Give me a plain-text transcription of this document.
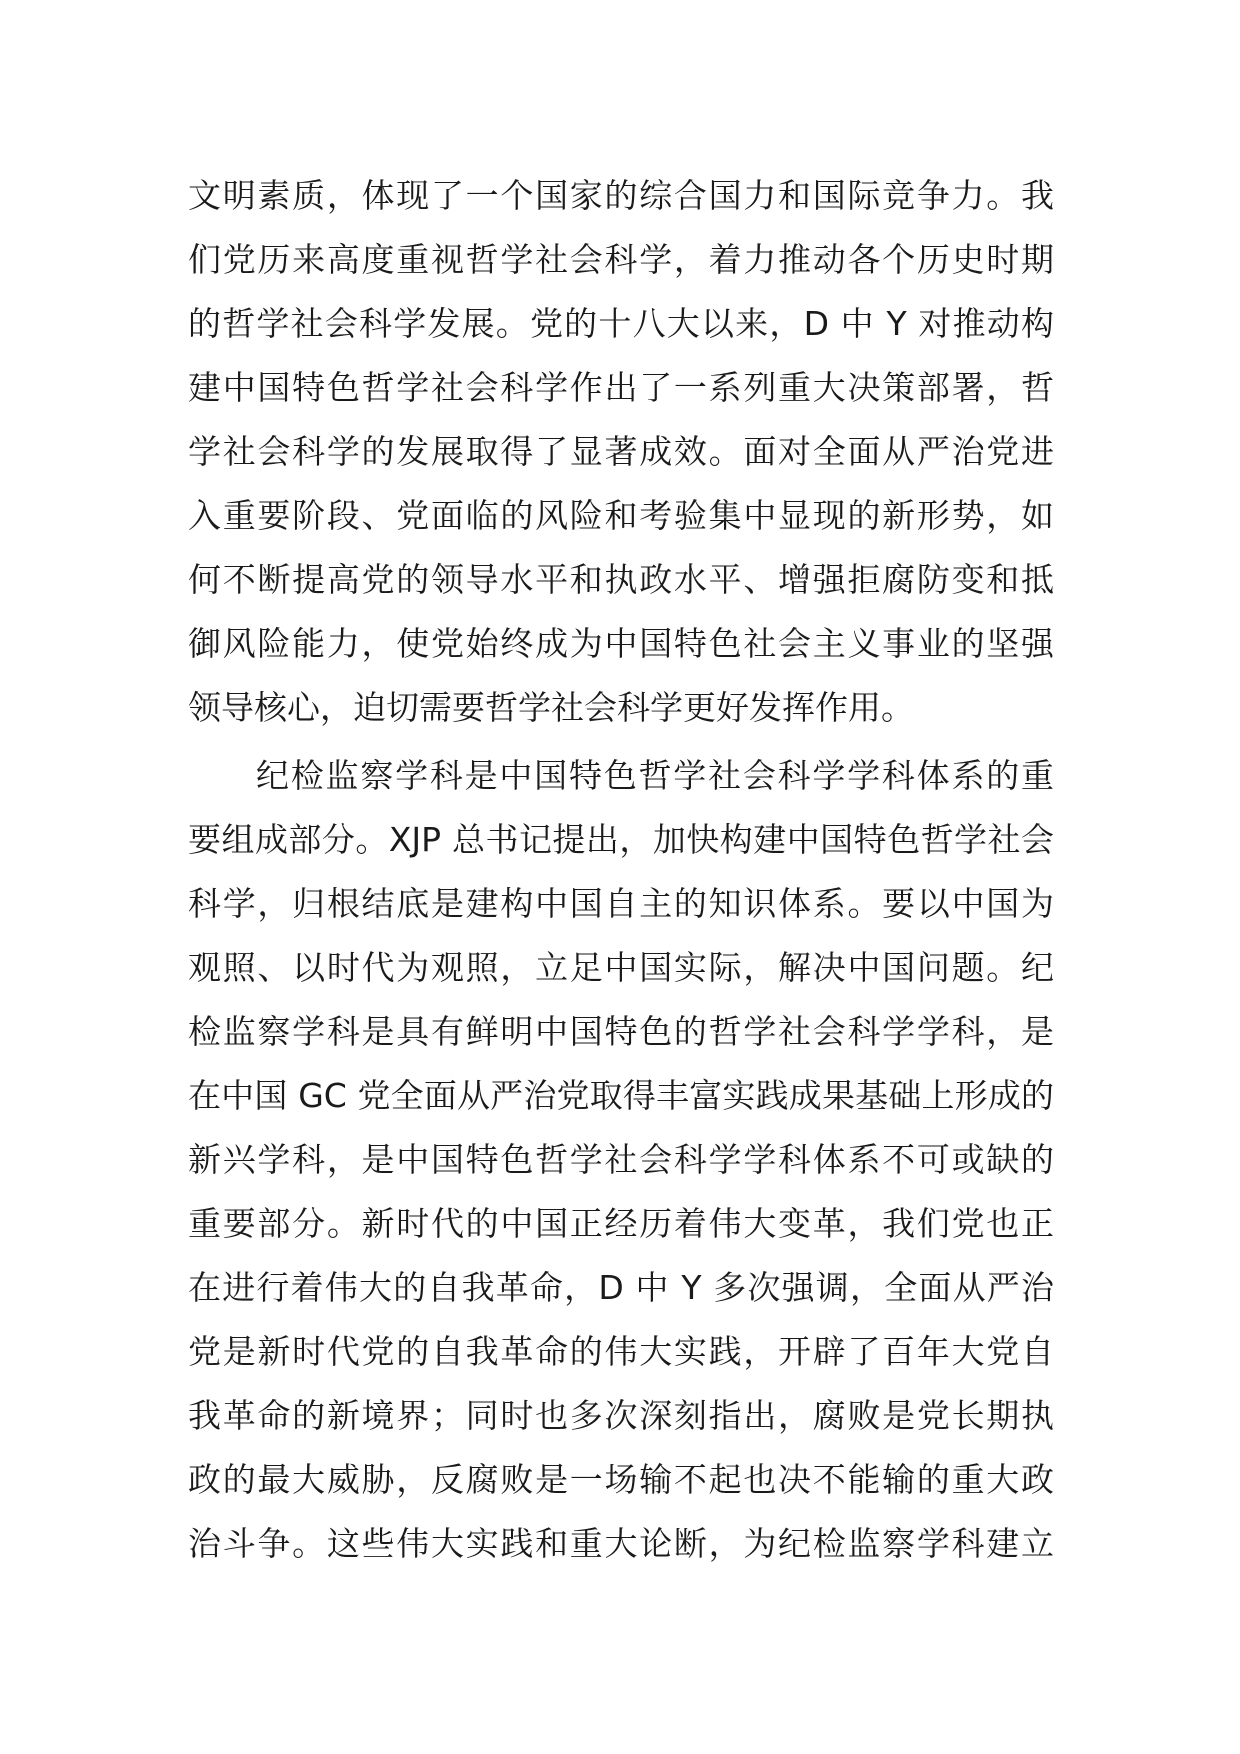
文明素质，体现了一个国家的综合国力和国际竞争力。我
们党历来高度重视哲学社会科学，着力推动各个历史时期
的哲学社会科学发展。党的十八大以来，D 中 Y 对推动构
建中国特色哲学社会科学作出了一系列重大决策部署，哲
学社会科学的发展取得了显著成效。面对全面从严治党进
入重要阶段、党面临的风险和考验集中显现的新形势，如
何不断提高党的领导水平和执政水平、增强拒腐防变和抵
御风险能力，使党始终成为中国特色社会主义事业的坚强
领导核心，迫切需要哲学社会科学更好发挥作用。
纪检监察学科是中国特色哲学社会科学学科体系的重
要组成部分。XJP 总书记提出，加快构建中国特色哲学社会
科学，归根结底是建构中国自主的知识体系。要以中国为
观照、以时代为观照，立足中国实际，解决中国问题。纪
检监察学科是具有鲜明中国特色的哲学社会科学学科，是
在中国 GC 党全面从严治党取得丰富实践成果基础上形成的
新兴学科，是中国特色哲学社会科学学科体系不可或缺的
重要部分。新时代的中国正经历着伟大变革，我们党也正
在进行着伟大的自我革命，D 中 Y 多次强调，全面从严治
党是新时代党的自我革命的伟大实践，开辟了百年大党自
我革命的新境界；同时也多次深刻指出，腐败是党长期执
政的最大威胁，反腐败是一场输不起也决不能输的重大政
治斗争。这些伟大实践和重大论断，为纪检监察学科建立
